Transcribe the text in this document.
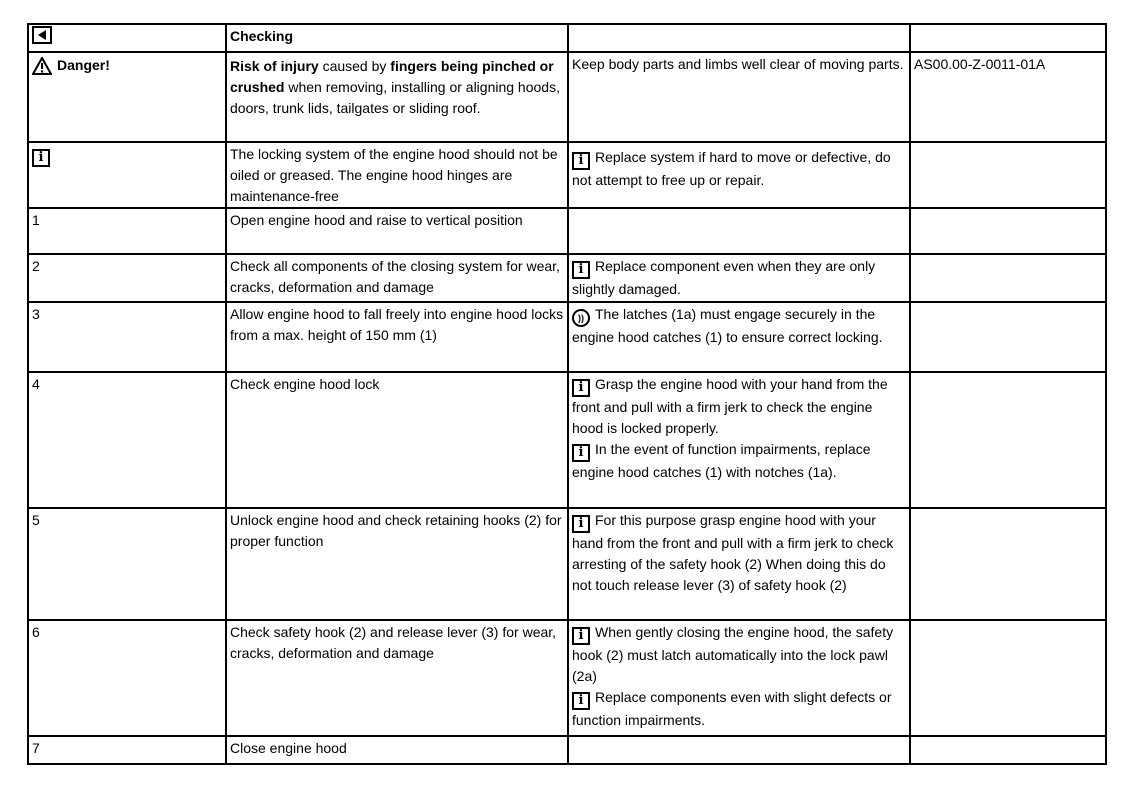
	Checking		

Danger!	Risk of injury caused by fingers being pinched or crushed when removing, installing or aligning hoods, doors, trunk lids, tailgates or sliding roof.	Keep body parts and limbs well clear of moving parts.	AS00.00-Z-0011-01A
i	The locking system of the engine hood should not be oiled or greased. The engine hood hinges are maintenance-free	i Replace system if hard to move or defective, do not attempt to free up or repair.	
1	Open engine hood and raise to vertical position		
2	Check all components of the closing system for wear, cracks, deformation and damage	i Replace component even when they are only slightly damaged.	
3	Allow engine hood to fall freely into engine hood locks from a max. height of 150 mm (1)	)) The latches (1a) must engage securely in the engine hood catches (1) to ensure correct locking.	
4	Check engine hood lock	i Grasp the engine hood with your hand from the front and pull with a firm jerk to check the engine hood is locked properly.
i In the event of function impairments, replace engine hood catches (1) with notches (1a).	

5	Unlock engine hood and check retaining hooks (2) for proper function	i For this purpose grasp engine hood with your hand from the front and pull with a firm jerk to check arresting of the safety hook (2) When doing this do not touch release lever (3) of safety hook (2)	
6	Check safety hook (2) and release lever (3) for wear, cracks, deformation and damage	i When gently closing the engine hood, the safety hook (2) must latch automatically into the lock pawl (2a)
i Replace components even with slight defects or function impairments.	

7	Close engine hood		
